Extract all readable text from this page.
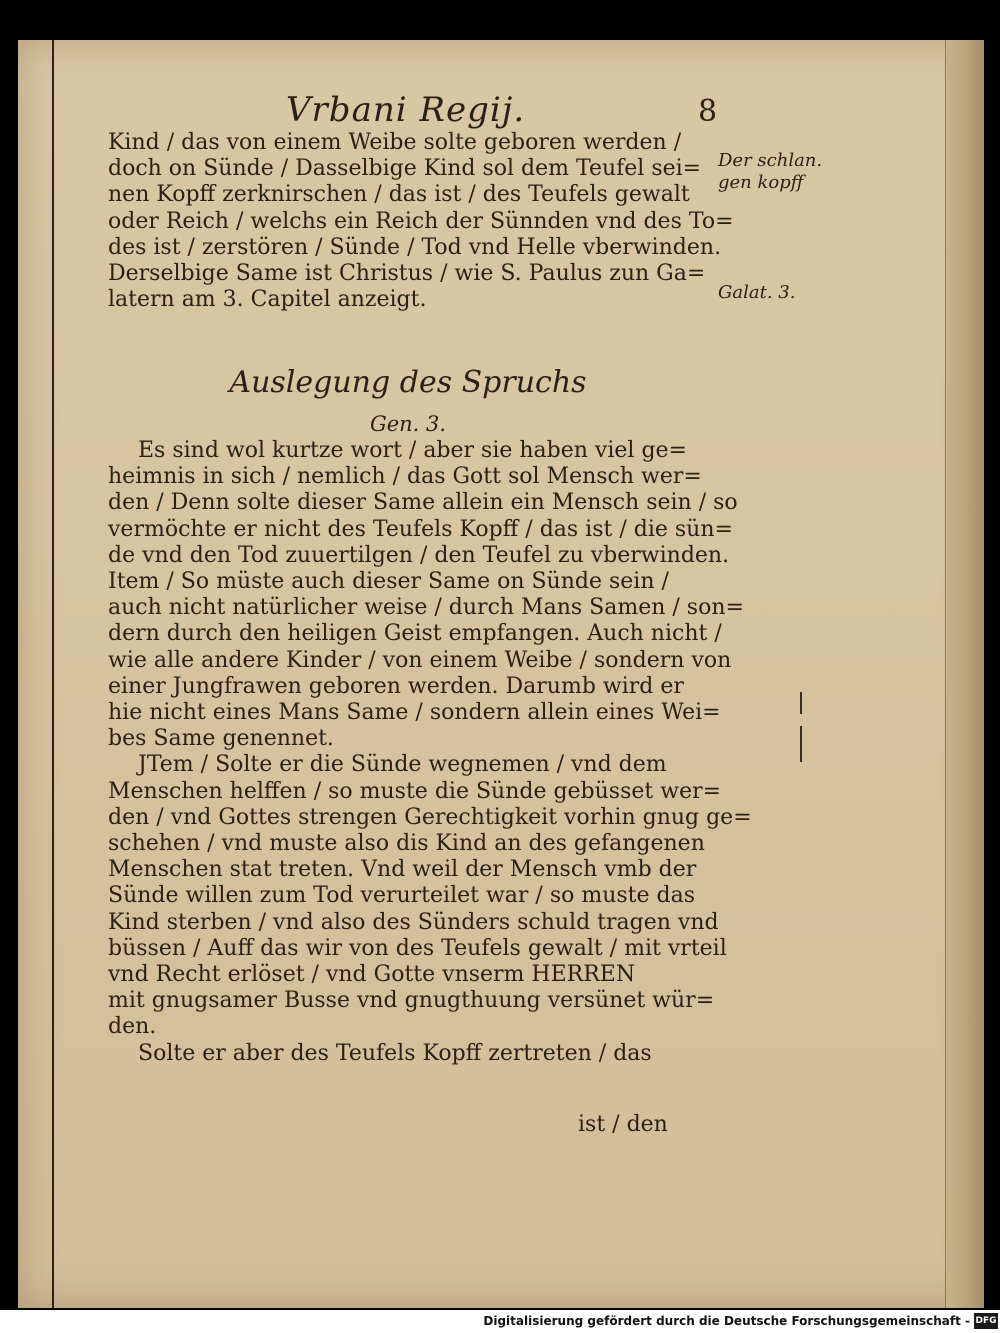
Vrbani Regij.	8
Kind / das von einem Weibe solte geboren werden /
doch on Sünde / Dasselbige Kind sol dem Teufel sei=
nen Kopff zerknirschen / das ist / des Teufels gewalt
oder Reich / welchs ein Reich der Sünnden vnd des To=
des ist / zerstören / Sünde / Tod vnd Helle vberwinden.
Derselbige Same ist Christus / wie S. Paulus zun Ga=
latern am 3. Capitel anzeigt.
Der schlan. gen kopff
Galat. 3.
Auslegung des Spruchs
Gen. 3.
Es sind wol kurtze wort / aber sie haben viel ge=
heimnis in sich / nemlich / das Gott sol Mensch wer=
den / Denn solte dieser Same allein ein Mensch sein / so
vermöchte er nicht des Teufels Kopff / das ist / die sün=
de vnd den Tod zuuertilgen / den Teufel zu vberwinden.
Item / So müste auch dieser Same on Sünde sein /
auch nicht natürlicher weise / durch Mans Samen / son=
dern durch den heiligen Geist empfangen. Auch nicht /
wie alle andere Kinder / von einem Weibe / sondern von
einer Jungfrawen geboren werden. Darumb wird er
hie nicht eines Mans Same / sondern allein eines Wei=
bes Same genennet.
JTem / Solte er die Sünde wegnemen / vnd dem
Menschen helffen / so muste die Sünde gebüsset wer=
den / vnd Gottes strengen Gerechtigkeit vorhin gnug ge=
schehen / vnd muste also dis Kind an des gefangenen
Menschen stat treten. Vnd weil der Mensch vmb der
Sünde willen zum Tod verurteilet war / so muste das
Kind sterben / vnd also des Sünders schuld tragen vnd
büssen / Auff das wir von des Teufels gewalt / mit vrteil
vnd Recht erlöset / vnd Gotte vnserm HERREN
mit gnugsamer Busse vnd gnugthuung versünet wür=
den.
Solte er aber des Teufels Kopff zertreten / das
ist / den
Digitalisierung gefördert durch die Deutsche Forschungsgemeinschaft - DFG
